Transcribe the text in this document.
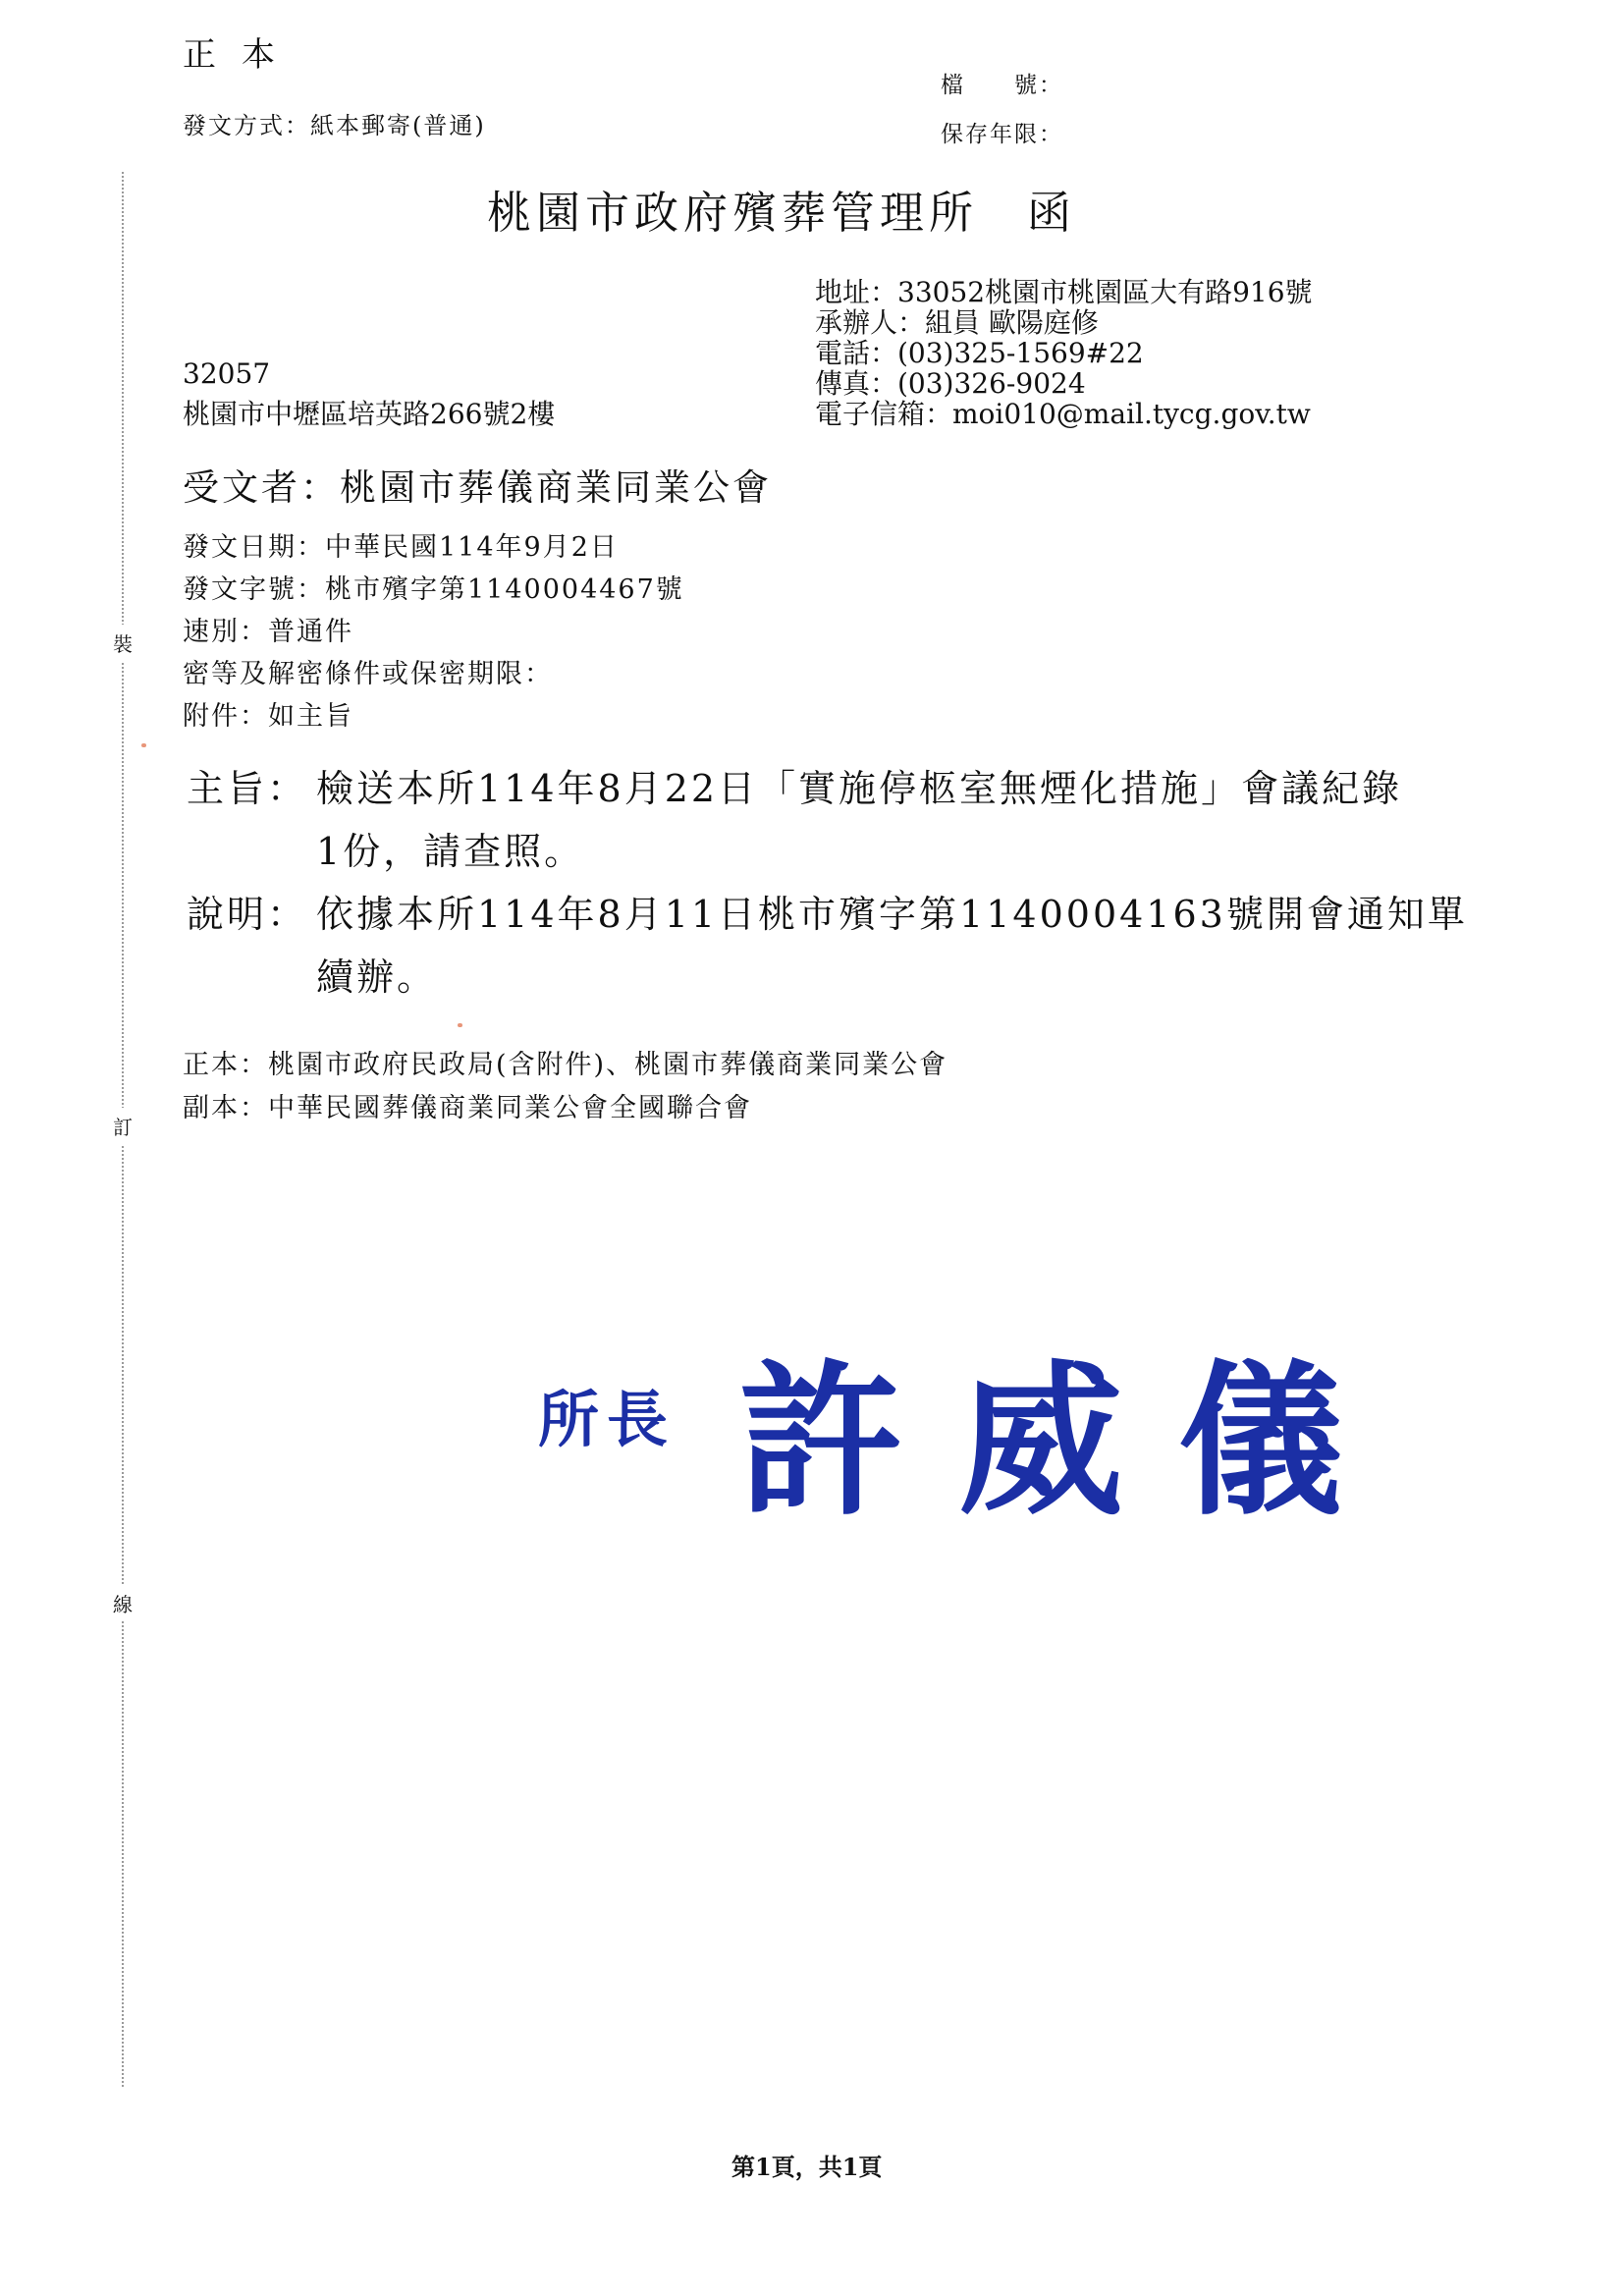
正本
發文方式：紙本郵寄(普通)
檔　　號：
保存年限：
裝
訂
線
桃園市政府殯葬管理所　函
地址：33052桃園市桃園區大有路916號
承辦人：組員 歐陽庭修
電話：(03)325-1569#22
傳真：(03)326-9024
電子信箱：moi010@mail.tycg.gov.tw
32057
桃園市中壢區培英路266號2樓
受文者：桃園市葬儀商業同業公會
發文日期：中華民國114年9月2日
發文字號：桃市殯字第1140004467號
速別：普通件
密等及解密條件或保密期限：
附件：如主旨
主旨： 檢送本所114年8月22日「實施停柩室無煙化措施」會議紀錄
1份，請查照。
說明： 依據本所114年8月11日桃市殯字第1140004163號開會通知單
續辦。
正本：桃園市政府民政局(含附件)、桃園市葬儀商業同業公會
副本：中華民國葬儀商業同業公會全國聯合會
所長 許威儀
第1頁，共1頁
